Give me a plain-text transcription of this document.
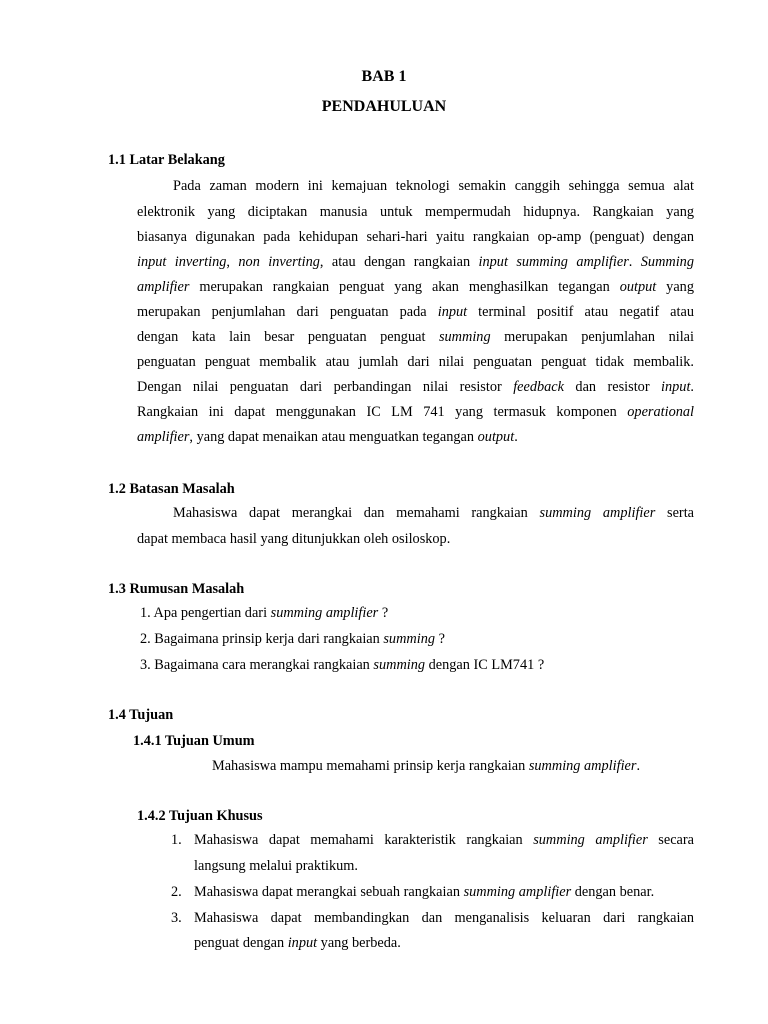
BAB 1
PENDAHULUAN
1.1 Latar Belakang
Pada zaman modern ini kemajuan teknologi semakin canggih sehingga semua alat
elektronik yang diciptakan manusia untuk mempermudah hidupnya. Rangkaian yang
biasanya digunakan pada kehidupan sehari-hari yaitu rangkaian op-amp (penguat) dengan
input inverting, non inverting, atau dengan rangkaian input summing amplifier. Summing
amplifier merupakan rangkaian penguat yang akan menghasilkan tegangan output yang
merupakan penjumlahan dari penguatan pada input terminal positif atau negatif atau
dengan kata lain besar penguatan penguat summing merupakan penjumlahan nilai
penguatan penguat membalik atau jumlah dari nilai penguatan penguat tidak membalik.
Dengan nilai penguatan dari perbandingan nilai resistor feedback dan resistor input.
Rangkaian ini dapat menggunakan IC LM 741 yang termasuk komponen operational
amplifier, yang dapat menaikan atau menguatkan tegangan output.
1.2 Batasan Masalah
Mahasiswa dapat merangkai dan memahami rangkaian summing amplifier serta
dapat membaca hasil yang ditunjukkan oleh osiloskop.
1.3 Rumusan Masalah
1. Apa pengertian dari summing amplifier ?
2. Bagaimana prinsip kerja dari rangkaian summing ?
3. Bagaimana cara merangkai rangkaian summing dengan IC LM741 ?
1.4 Tujuan
1.4.1 Tujuan Umum
Mahasiswa mampu memahami prinsip kerja rangkaian summing amplifier.
1.4.2 Tujuan Khusus
1. Mahasiswa dapat memahami karakteristik rangkaian summing amplifier secara
langsung melalui praktikum.
2. Mahasiswa dapat merangkai sebuah rangkaian summing amplifier dengan benar.
3. Mahasiswa dapat membandingkan dan menganalisis keluaran dari rangkaian
penguat dengan input yang berbeda.
